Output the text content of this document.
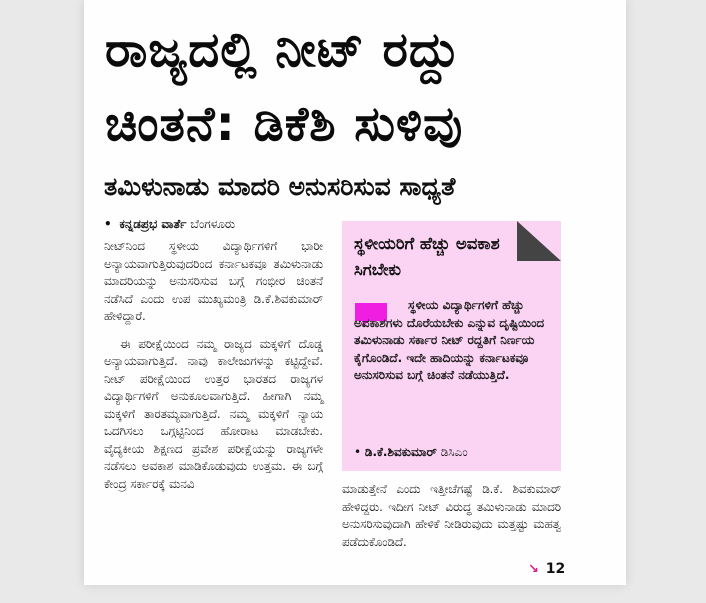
ರಾಜ್ಯದಲ್ಲಿ ನೀಟ್ ರದ್ದು
ಚಿಂತನೆ: ಡಿಕೆಶಿ ಸುಳಿವು
ತಮಿಳುನಾಡು ಮಾದರಿ ಅನುಸರಿಸುವ ಸಾಧ್ಯತೆ
• ಕನ್ನಡಪ್ರಭ ವಾರ್ತೆ ಬೆಂಗಳೂರು

ನೀಟ್‌ನಿಂದ ಸ್ಥಳೀಯ ವಿದ್ಯಾರ್ಥಿಗಳಿಗೆ ಭಾರೀ ಅನ್ಯಾಯವಾಗುತ್ತಿರುವುದರಿಂದ ಕರ್ನಾಟಕವೂ ತಮಿಳುನಾಡು ಮಾದರಿಯನ್ನು ಅನುಸರಿಸುವ ಬಗ್ಗೆ ಗಂಭೀರ ಚಿಂತನೆ ನಡೆಸಿದೆ ಎಂದು ಉಪ ಮುಖ್ಯಮಂತ್ರಿ ಡಿ.ಕೆ.ಶಿವಕುಮಾರ್ ಹೇಳಿದ್ದಾರೆ.

ಈ ಪರೀಕ್ಷೆಯಿಂದ ನಮ್ಮ ರಾಜ್ಯದ ಮಕ್ಕಳಿಗೆ ದೊಡ್ಡ ಅನ್ಯಾಯವಾಗುತ್ತಿದೆ. ನಾವು ಕಾಲೇಜುಗಳನ್ನು ಕಟ್ಟಿದ್ದೇವೆ. ನೀಟ್ ಪರೀಕ್ಷೆಯಿಂದ ಉತ್ತರ ಭಾರತದ ರಾಜ್ಯಗಳ ವಿದ್ಯಾರ್ಥಿಗಳಿಗೆ ಅನುಕೂಲವಾಗುತ್ತಿದೆ. ಹೀಗಾಗಿ ನಮ್ಮ ಮಕ್ಕಳಿಗೆ ತಾರತಮ್ಯವಾಗುತ್ತಿದೆ. ನಮ್ಮ ಮಕ್ಕಳಿಗೆ ನ್ಯಾಯ ಒದಗಿಸಲು ಒಗ್ಗಟ್ಟಿನಿಂದ ಹೋರಾಟ ಮಾಡಬೇಕು. ವೈದ್ಯಕೀಯ ಶಿಕ್ಷಣದ ಪ್ರವೇಶ ಪರೀಕ್ಷೆಯನ್ನು ರಾಜ್ಯಗಳೇ ನಡೆಸಲು ಅವಕಾಶ ಮಾಡಿಕೊಡುವುದು ಉತ್ತಮ. ಈ ಬಗ್ಗೆ ಕೇಂದ್ರ ಸರ್ಕಾರಕ್ಕೆ ಮನವಿ

ಸ್ಥಳೀಯರಿಗೆ ಹೆಚ್ಚು ಅವಕಾಶ ಸಿಗಬೇಕು
ಸ್ಥಳೀಯ ವಿದ್ಯಾರ್ಥಿಗಳಿಗೆ ಹೆಚ್ಚು ಅವಕಾಶಗಳು ದೊರೆಯಬೇಕು ಎನ್ನುವ ದೃಷ್ಟಿಯಿಂದ ತಮಿಳುನಾಡು ಸರ್ಕಾರ ನೀಟ್ ರದ್ದತಿಗೆ ನಿರ್ಣಯ ಕೈಗೊಂಡಿದೆ. ಇದೇ ಹಾದಿಯನ್ನು ಕರ್ನಾಟಕವೂ ಅನುಸರಿಸುವ ಬಗ್ಗೆ ಚಿಂತನೆ ನಡೆಯುತ್ತಿದೆ.
• ಡಿ.ಕೆ.ಶಿವಕುಮಾರ್ ಡಿಸಿಎಂ

ಮಾಡುತ್ತೇನೆ ಎಂದು ಇತ್ತೀಚೆಗಷ್ಟೆ ಡಿ.ಕೆ. ಶಿವಕುಮಾರ್ ಹೇಳಿದ್ದರು. ಇದೀಗ ನೀಟ್ ವಿರುದ್ಧ ತಮಿಳುನಾಡು ಮಾದರಿ ಅನುಸರಿಸುವುದಾಗಿ ಹೇಳಿಕೆ ನೀಡಿರುವುದು ಮತ್ತಷ್ಟು ಮಹತ್ವ ಪಡೆದುಕೊಂಡಿದೆ.

↘ 12
